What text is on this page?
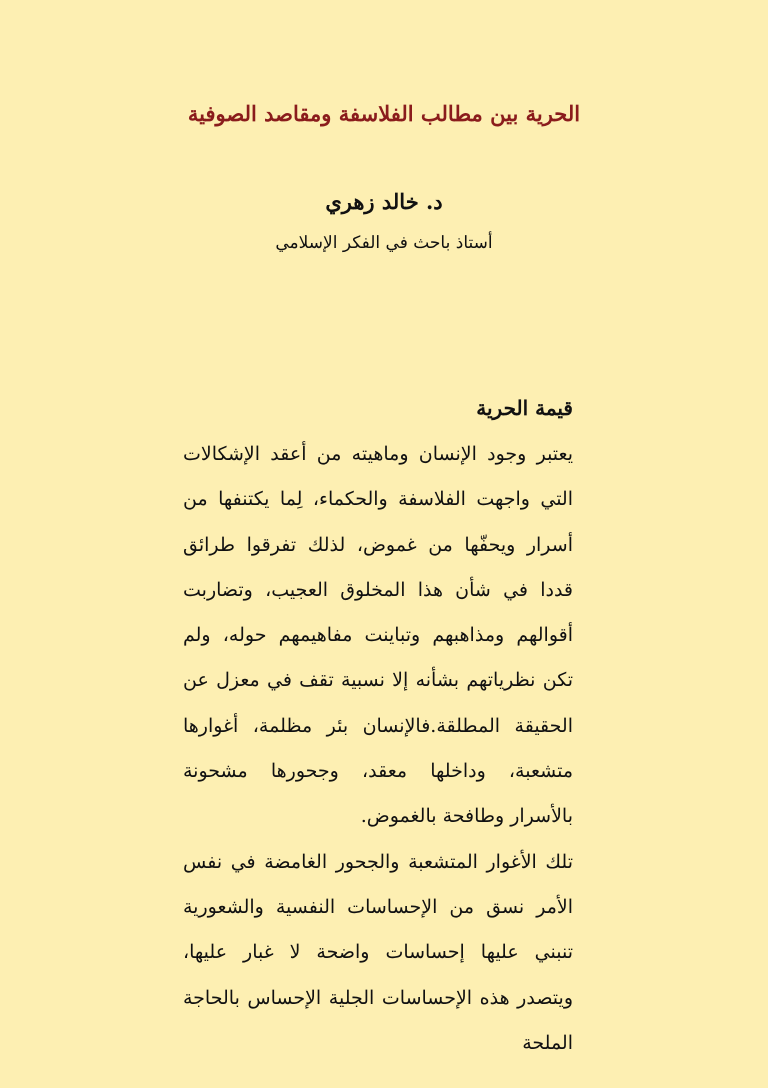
الحرية بين مطالب الفلاسفة ومقاصد الصوفية
د. خالد زهري

أستاذ باحث في الفكر الإسلامي

قيمة الحرية

يعتبر وجود الإنسان وماهيته من أعقد الإشكالات التي واجهت الفلاسفة والحكماء، لِما يكتنفها من أسرار ويحفّها من غموض، لذلك تفرقوا طرائق قددا في شأن هذا المخلوق العجيب، وتضاربت أقوالهم ومذاهبهم وتباينت مفاهيمهم حوله، ولم تكن نظرياتهم بشأنه إلا نسبية تقف في معزل عن الحقيقة المطلقة.فالإنسان بئر مظلمة، أغوارها متشعبة، وداخلها معقد، وجحورها مشحونة بالأسرار وطافحة بالغموض.

تلك الأغوار المتشعبة والجحور الغامضة في نفس الأمر نسق من الإحساسات النفسية والشعورية تنبني عليها إحساسات واضحة لا غبار عليها، ويتصدر هذه الإحساسات الجلية الإحساس بالحاجة الملحة
